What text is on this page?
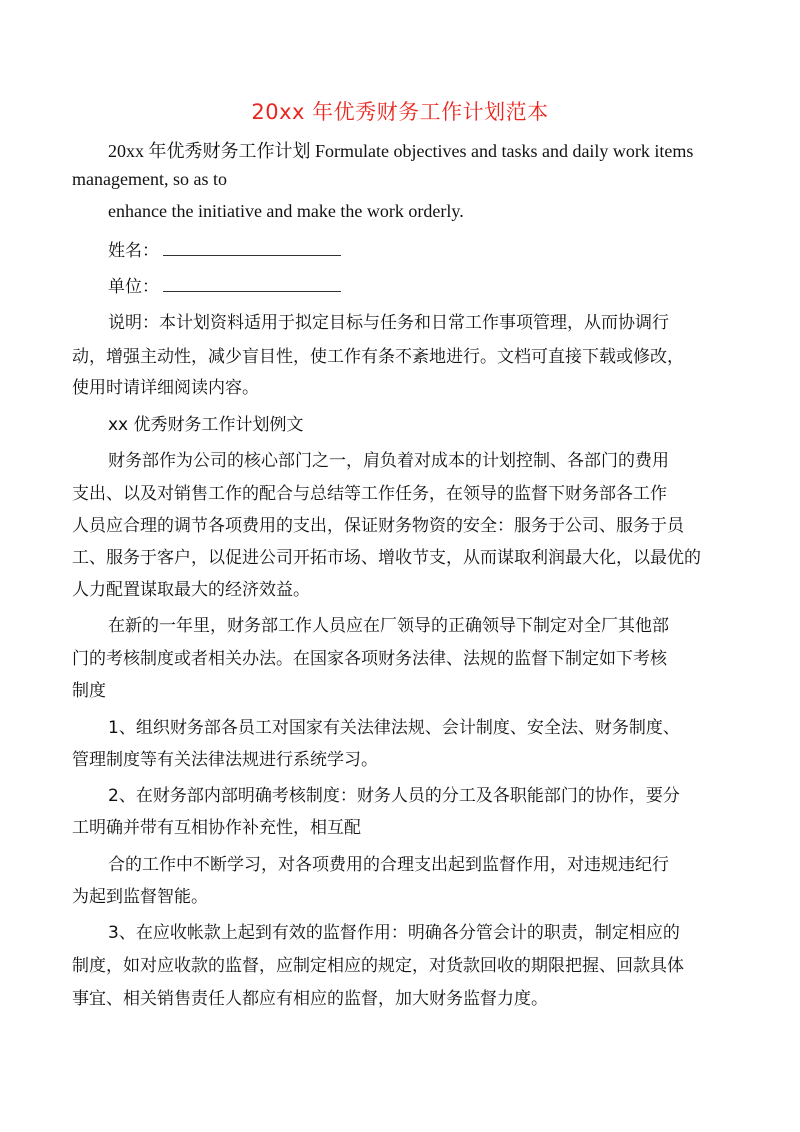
20xx 年优秀财务工作计划范本
20xx 年优秀财务工作计划 Formulate objectives and tasks and daily work items
management, so as to
enhance the initiative and make the work orderly.
姓名：
单位：
说明：本计划资料适用于拟定目标与任务和日常工作事项管理，从而协调行
动，增强主动性，减少盲目性，使工作有条不紊地进行。文档可直接下载或修改，
使用时请详细阅读内容。
xx 优秀财务工作计划例文
财务部作为公司的核心部门之一，肩负着对成本的计划控制、各部门的费用
支出、以及对销售工作的配合与总结等工作任务，在领导的监督下财务部各工作
人员应合理的调节各项费用的支出，保证财务物资的安全：服务于公司、服务于员
工、服务于客户，以促进公司开拓市场、增收节支，从而谋取利润最大化，以最优的
人力配置谋取最大的经济效益。
在新的一年里，财务部工作人员应在厂领导的正确领导下制定对全厂其他部
门的考核制度或者相关办法。在国家各项财务法律、法规的监督下制定如下考核
制度
1、组织财务部各员工对国家有关法律法规、会计制度、安全法、财务制度、
管理制度等有关法律法规进行系统学习。
2、在财务部内部明确考核制度：财务人员的分工及各职能部门的协作，要分
工明确并带有互相协作补充性，相互配
合的工作中不断学习，对各项费用的合理支出起到监督作用，对违规违纪行
为起到监督智能。
3、在应收帐款上起到有效的监督作用：明确各分管会计的职责，制定相应的
制度，如对应收款的监督，应制定相应的规定，对货款回收的期限把握、回款具体
事宜、相关销售责任人都应有相应的监督，加大财务监督力度。
